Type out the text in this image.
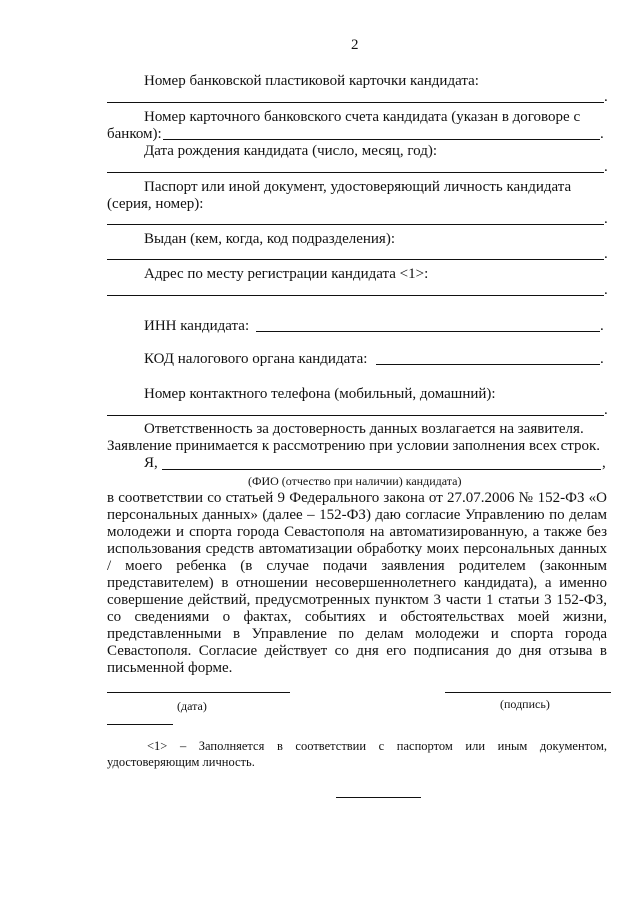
2
Номер банковской пластиковой карточки кандидата:
.
Номер карточного банковского счета кандидата (указан в договоре с
банком):	.
Дата рождения кандидата (число, месяц, год):
.
Паспорт или иной документ, удостоверяющий личность кандидата
(серия, номер):
.
Выдан (кем, когда, код подразделения):
.
Адрес по месту регистрации кандидата <1>:
.
ИНН кандидата:	.
КОД налогового органа кандидата:	.
Номер контактного телефона (мобильный, домашний):
.
Ответственность за достоверность данных возлагается на заявителя.
Заявление принимается к рассмотрению при условии заполнения всех строк.
Я,	,
(ФИО (отчество при наличии) кандидата)
в соответствии со статьей 9 Федерального закона от 27.07.2006 № 152-ФЗ «О персональных данных» (далее – 152-ФЗ) даю согласие Управлению по делам молодежи и спорта города Севастополя на автоматизированную, а также без использования средств автоматизации обработку моих персональных данных / моего ребенка (в случае подачи заявления родителем (законным представителем) в отношении несовершеннолетнего кандидата), а именно совершение действий, предусмотренных пунктом 3 части 1 статьи 3 152-ФЗ, со сведениями о фактах, событиях и обстоятельствах моей жизни, представленными в Управление по делам молодежи и спорта города Севастополя. Согласие действует со дня его подписания до дня отзыва в письменной форме.
(дата)	(подпись)
<1> – Заполняется в соответствии с паспортом или иным документом, удостоверяющим личность.
